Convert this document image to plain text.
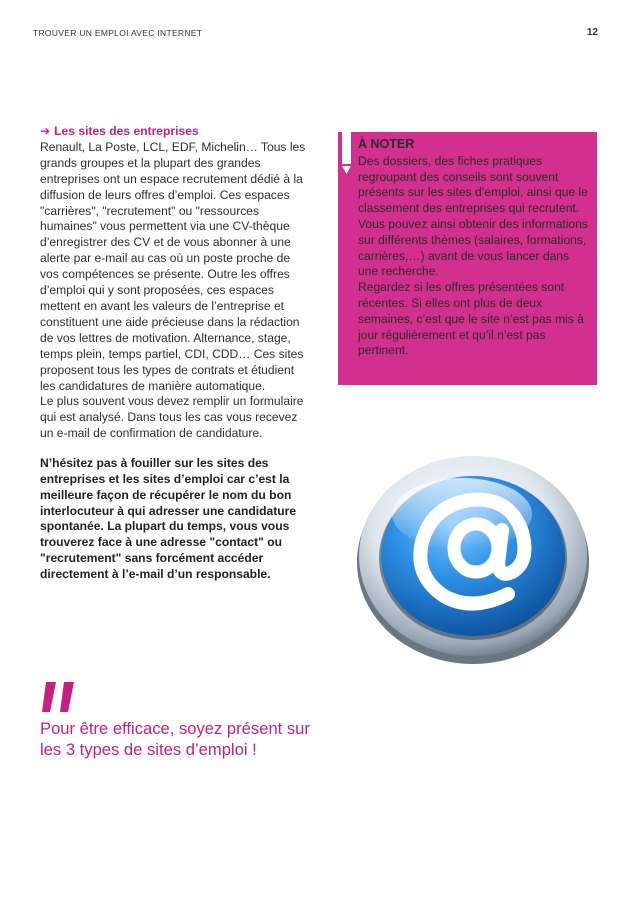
TROUVER UN EMPLOI AVEC INTERNET	12
➔ Les sites des entreprises

Renault, La Poste, LCL, EDF, Michelin… Tous les grands groupes et la plupart des grandes entreprises ont un espace recrutement dédié à la diffusion de leurs offres d’emploi. Ces espaces "carrières", "recrutement" ou "ressources humaines" vous permettent via une CV-thèque d’enregistrer des CV et de vous abonner à une alerte par e-mail au cas où un poste proche de vos compétences se présente. Outre les offres d’emploi qui y sont proposées, ces espaces mettent en avant les valeurs de l’entreprise et constituent une aide précieuse dans la rédaction de vos lettres de motivation. Alternance, stage, temps plein, temps partiel, CDI, CDD… Ces sites proposent tous les types de contrats et étudient les candidatures de manière automatique.

Le plus souvent vous devez remplir un formulaire qui est analysé. Dans tous les cas vous recevez un e-mail de confirmation de candidature.

N’hésitez pas à fouiller sur les sites des entreprises et les sites d’emploi car c’est la meilleure façon de récupérer le nom du bon interlocuteur à qui adresser une candidature spontanée. La plupart du temps, vous vous trouverez face à une adresse "contact" ou "recrutement" sans forcément accéder directement à l’e-mail d’un responsable.
À NOTER
Des dossiers, des fiches pratiques regroupant des conseils sont souvent présents sur les sites d’emploi, ainsi que le classement des entreprises qui recrutent.
Vous pouvez ainsi obtenir des informations sur différents thèmes (salaires, formations, carrières,…) avant de vous lancer dans une recherche.
Regardez si les offres présentées sont récentes. Si elles ont plus de deux semaines, c’est que le site n’est pas mis à jour régulièrement et qu’il n’est pas pertinent.
Pour être efficace, soyez présent sur les 3 types de sites d’emploi !
